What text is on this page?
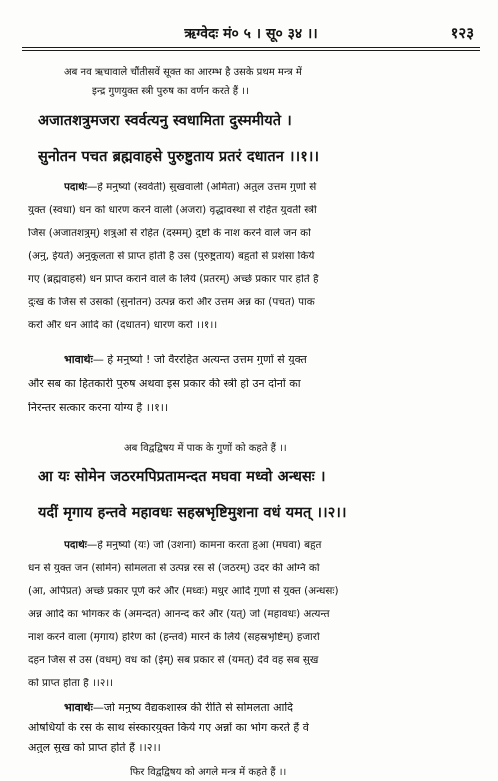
ऋग्वेदः मं० ५ । सू० ३४ ।।	१२३
अब नव ऋचावाले चौंतीसवें सूक्त का आरम्भ है उसके प्रथम मन्त्र में
इन्द्र गुणयुक्त स्त्री पुरुष का वर्णन करते हैं ।।
अजातशत्रुमजरा स्वर्वत्यनु स्वधामिता दुस्ममीयते ।
सुनोतन पचत ब्रह्मवाहसे पुरुष्टुताय प्रतरं दधातन ।।१।।
पदार्थः—हे मनुष्यो (स्वर्वती) सुखवाली (अमिता) अतुल उत्तम गुणों से
युक्त (स्वधा) धन को धारण करने वाली (अजरा) वृद्धावस्था से रहित युवती स्त्री
जिस (अजातशत्रुम्) शत्रुओं से रहित (दस्मम्) दुष्टों के नाश करने वाले जन को
(अनु, ईयते) अनुकूलता से प्राप्त होती है उस (पुरुष्टुताय) बहुतों से प्रशंसा किये
गए (ब्रह्मवाहसे) धन प्राप्त कराने वाले के लिये (प्रतरम्) अच्छे प्रकार पार होते हैं
दुःख के जिस से उसको (सुनोतन) उत्पन्न करो और उत्तम अन्न का (पचत) पाक
करो और धन आदि को (दधातन) धारण करो ।।१।।
भावार्थः— हे मनुष्यो ! जो वैररहित अत्यन्त उत्तम गुणों से युक्त
और सब का हितकारी पुरुष अथवा इस प्रकार की स्त्री हो उन दोनों का
निरन्तर सत्कार करना योग्य है ।।१।।
अब विद्वद्विषय में पाक के गुणों को कहते हैं ।।
आ यः सोमेन जठरमपिप्रतामन्दत मघवा मध्वो अन्धसः ।
यदीं मृगाय हन्तवे महावधः सहस्रभृष्टिमुशना वधं यमत् ।।२।।
पदार्थः—हे मनुष्यो (यः) जो (उशना) कामना करता हुआ (मघवा) बहुत
धन से युक्त जन (सोमेन) सोमलता से उत्पन्न रस से (जठरम्) उदर की अग्नि को
(आ, अपिप्रत) अच्छे प्रकार पूर्ण करे और (मध्वः) मधुर आदि गुणों से युक्त (अन्धसः)
अन्न आदि का भोगकर के (अमन्दत) आनन्द करे और (यत्) जो (महावधः) अत्यन्त
नाश करने वाला (मृगाय) हरिण को (हन्तवे) मारने के लिये (सहस्रभृष्टिम्) हजारों
दहन जिस से उस (वधम्) वध को (ईम्) सब प्रकार से (यमत्) देवे वह सब सुख
को प्राप्त होता है ।।२।।
भावार्थः—जो मनुष्य वैद्यकशास्त्र की रीति से सोमलता आदि
ओषधियों के रस के साथ संस्कारयुक्त किये गए अन्नों का भोग करते हैं वे
अतुल सुख को प्राप्त होते हैं ।।२।।
फिर विद्वद्विषय को अगले मन्त्र में कहते हैं ।।
